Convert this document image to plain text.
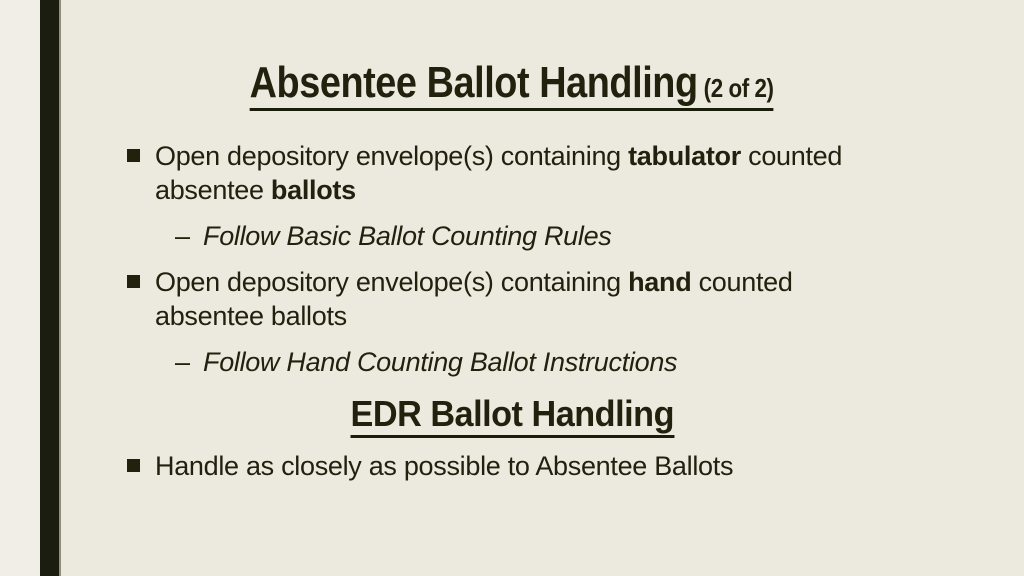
Absentee Ballot Handling (2 of 2)
Open depository envelope(s) containing tabulator counted
absentee ballots
– Follow Basic Ballot Counting Rules
Open depository envelope(s) containing hand counted
absentee ballots
– Follow Hand Counting Ballot Instructions
EDR Ballot Handling
Handle as closely as possible to Absentee Ballots
